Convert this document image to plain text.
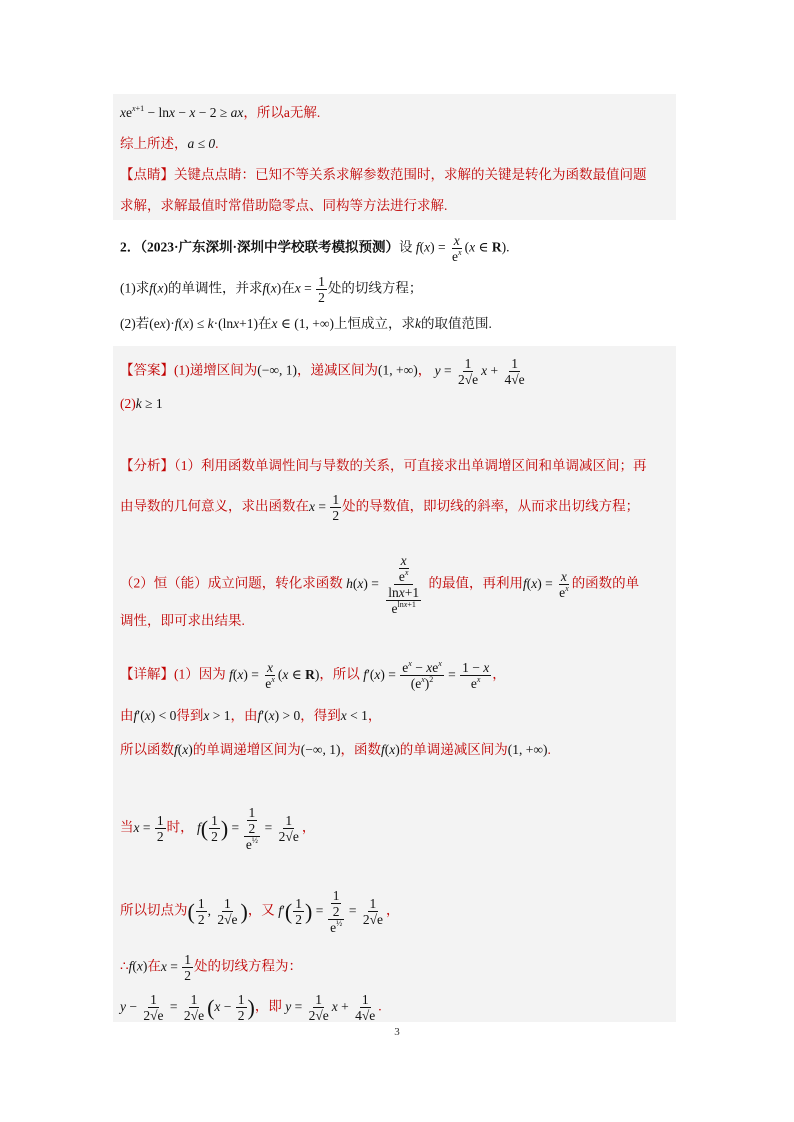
$xe^{x+1} - \ln x - x - 2$ ≥ ax，所以a无解.
综上所述，a ≤ 0.
【点睛】关键点点睛：已知不等关系求解参数范围时，求解的关键是转化为函数最值问题
求解，求解最值时常借助隐零点、同构等方法进行求解.
2．（2023·广东深圳·深圳中学校联考模拟预测）设 $f(x) = \frac{x}{e^x} (x$ ∈ R).
(1)求f(x)的单调性，并求f(x)在$x = \frac{1}{2}$ 处的切线方程；
(2)若(ex)·f(x) ≤ k·(lnx+1)在x ∈ (1, +∞)上恒成立，求k的取值范围.
【答案】(1)递增区间为(−∞, 1)，递减区间为(1, +∞)， $y = \frac{1}{2√e}$ $x + \frac{1}{4√e}$
(2)k ≥ 1
【分析】（1）利用函数单调性间与导数的关系，可直接求出单调增区间和单调减区间；再
由导数的几何意义，求出函数在$x = \frac{1}{2}$ 处的导数值，即切线的斜率，从而求出切线方程；
（2）恒（能）成立问题，转化求函数 $h(x) = \frac{\frac{x}{e^x}}{\frac{\ln x+1}{e^{lnx+1}}}$ 的最值，再利用$f(x) = \frac{x}{e^x}$ 的函数的单
调性，即可求出结果.
【详解】(1）因为 $f(x) = \frac{x}{e^x} (x$ ∈ R)，所以 $f'(x) = \frac{e^x - xe^x}{(e^x)^2} = \frac{1 - x}{e^x}$ ，
由f′(x) < 0得到x > 1，由f′(x) > 0，得到x < 1，
所以函数f(x)的单调递增区间为(−∞, 1)，函数f(x)的单调递减区间为(1, +∞).
当$x = \frac{1}{2}$ 时， $f( \frac{1}{2}$ ) = $\frac{\frac{1}{2}}{e^{\frac{1}{2}}} = \frac{1}{2√e}$ ，
所以切点为( $\frac{1}{2}$ , $\frac{1}{2√e}$ )，又 $f'( \frac{1}{2}$ ) = $\frac{\frac{1}{2}}{e^{\frac{1}{2}}} = \frac{1}{2√e}$ ，
∴f(x)在$x = \frac{1}{2}$ 处的切线方程为：
$y - \frac{1}{2√e} = \frac{1}{2√e} (x - \frac{1}{2}$ )，即 $y = \frac{1}{2√e}$ $x + \frac{1}{4√e}$ .
3
